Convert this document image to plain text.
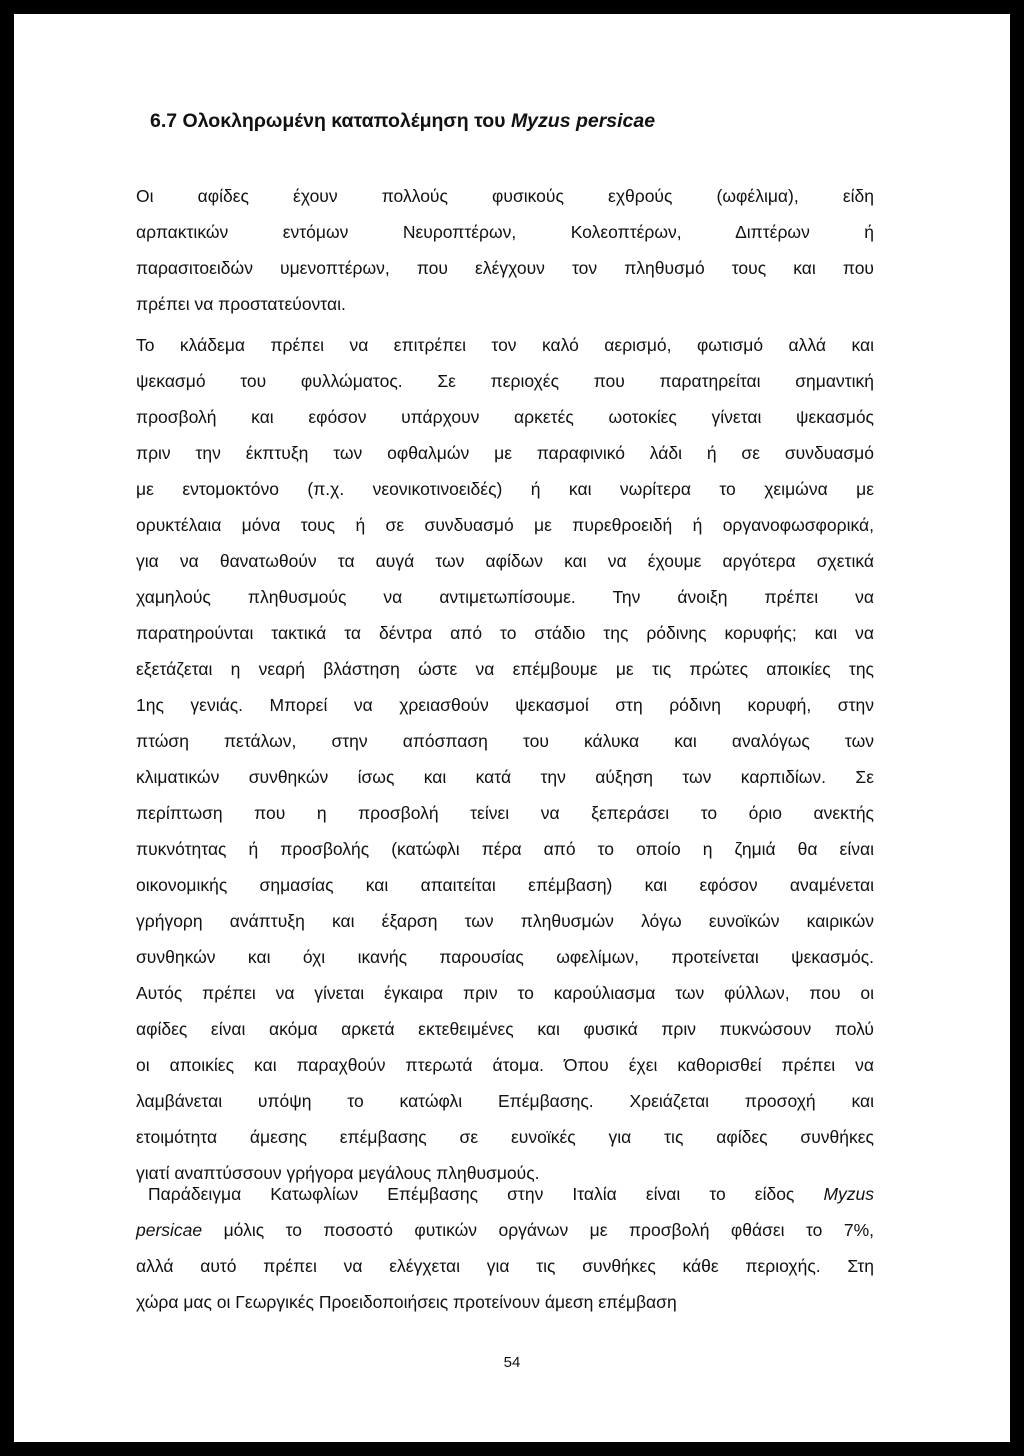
6.7 Ολοκληρωμένη καταπολέμηση του Myzus persicae
Οι αφίδες έχουν πολλούς φυσικούς εχθρούς (ωφέλιμα), είδη
αρπακτικών εντόμων Νευροπτέρων, Κολεοπτέρων, Διπτέρων ή
παρασιτοειδών υμενοπτέρων, που ελέγχουν τον πληθυσμό τους και που
πρέπει να προστατεύονται.
Το κλάδεμα πρέπει να επιτρέπει τον καλό αερισμό, φωτισμό αλλά και
ψεκασμό του φυλλώματος. Σε περιοχές που παρατηρείται σημαντική
προσβολή και εφόσον υπάρχουν αρκετές ωοτοκίες γίνεται ψεκασμός
πριν την έκπτυξη των οφθαλμών με παραφινικό λάδι ή σε συνδυασμό
με εντομοκτόνο (π.χ. νεονικοτινοειδές) ή και νωρίτερα το χειμώνα με
ορυκτέλαια μόνα τους ή σε συνδυασμό με πυρεθροειδή ή οργανοφωσφορικά,
για να θανατωθούν τα αυγά των αφίδων και να έχουμε αργότερα σχετικά
χαμηλούς πληθυσμούς να αντιμετωπίσουμε. Την άνοιξη πρέπει να
παρατηρούνται τακτικά τα δέντρα από το στάδιο της ρόδινης κορυφής; και να
εξετάζεται η νεαρή βλάστηση ώστε να επέμβουμε με τις πρώτες αποικίες της
1ης γενιάς. Μπορεί να χρειασθούν ψεκασμοί στη ρόδινη κορυφή, στην
πτώση πετάλων, στην απόσπαση του κάλυκα και αναλόγως των
κλιματικών συνθηκών ίσως και κατά την αύξηση των καρπιδίων. Σε
περίπτωση που η προσβολή τείνει να ξεπεράσει το όριο ανεκτής
πυκνότητας ή προσβολής (κατώφλι πέρα από το οποίο η ζημιά θα είναι
οικονομικής σημασίας και απαιτείται επέμβαση) και εφόσον αναμένεται
γρήγορη ανάπτυξη και έξαρση των πληθυσμών λόγω ευνοϊκών καιρικών
συνθηκών και όχι ικανής παρουσίας ωφελίμων, προτείνεται ψεκασμός.
Αυτός πρέπει να γίνεται έγκαιρα πριν το καρούλιασμα των φύλλων, που οι
αφίδες είναι ακόμα αρκετά εκτεθειμένες και φυσικά πριν πυκνώσουν πολύ
οι αποικίες και παραχθούν πτερωτά άτομα. Όπου έχει καθορισθεί πρέπει να
λαμβάνεται υπόψη το κατώφλι Επέμβασης. Χρειάζεται προσοχή και
ετοιμότητα άμεσης επέμβασης σε ευνοϊκές για τις αφίδες συνθήκες
γιατί αναπτύσσουν γρήγορα μεγάλους πληθυσμούς.
Παράδειγμα Κατωφλίων Επέμβασης στην Ιταλία είναι το είδος Myzus
persicae μόλις το ποσοστό φυτικών οργάνων με προσβολή φθάσει το 7%,
αλλά αυτό πρέπει να ελέγχεται για τις συνθήκες κάθε περιοχής. Στη
χώρα μας οι Γεωργικές Προειδοποιήσεις προτείνουν άμεση επέμβαση
54
